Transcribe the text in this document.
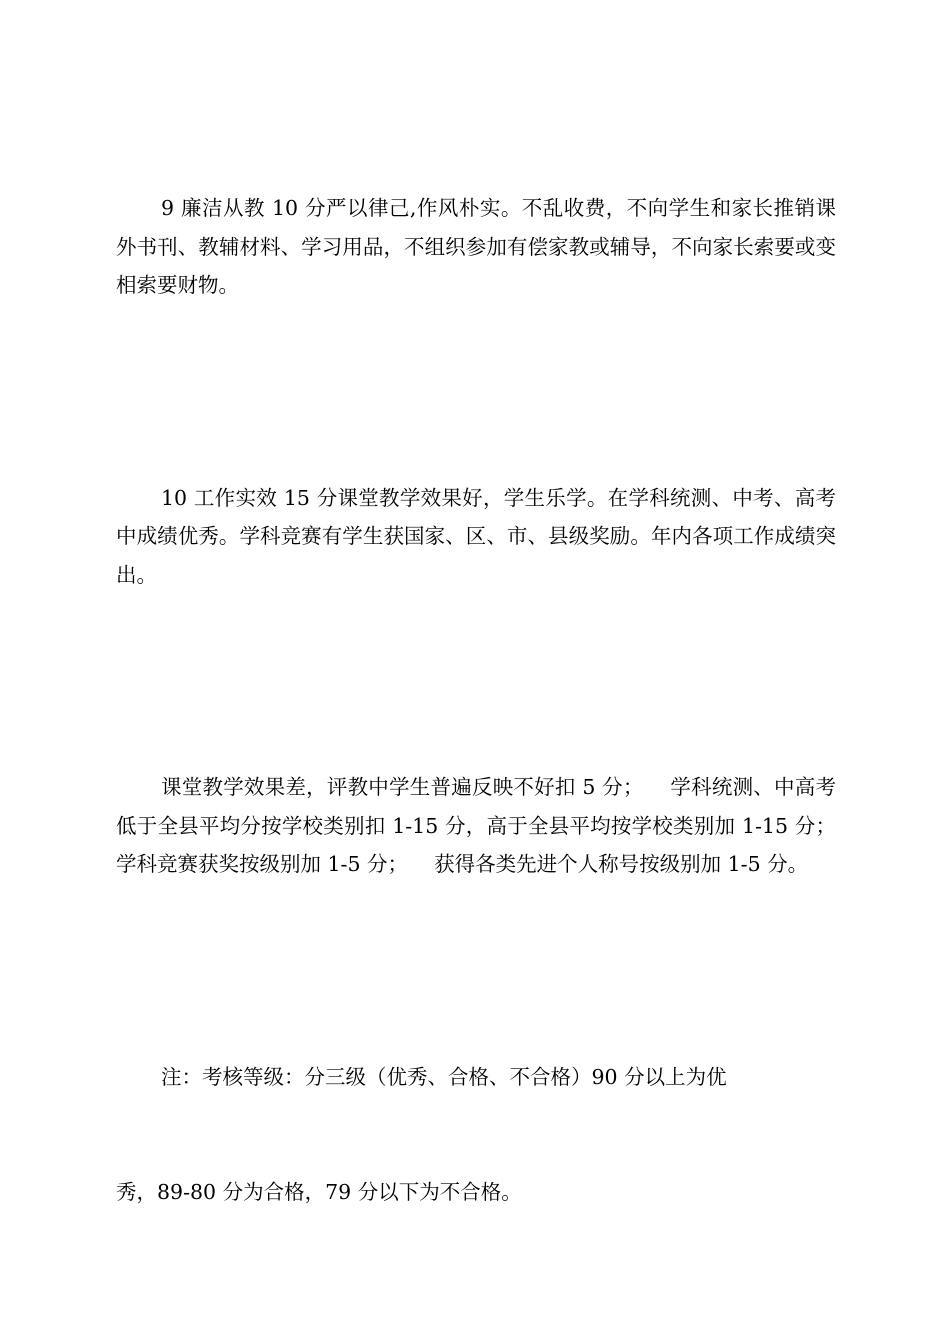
9 廉洁从教 10 分严以律己,作风朴实。不乱收费，不向学生和家长推销课外书刊、教辅材料、学习用品，不组织参加有偿家教或辅导，不向家长索要或变相索要财物。

10 工作实效 15 分课堂教学效果好，学生乐学。在学科统测、中考、高考中成绩优秀。学科竞赛有学生获国家、区、市、县级奖励。年内各项工作成绩突出。

课堂教学效果差，评教中学生普遍反映不好扣 5 分；    学科统测、中高考低于全县平均分按学校类别扣 1-15 分，高于全县平均按学校类别加 1-15 分；    学科竞赛获奖按级别加 1-5 分；    获得各类先进个人称号按级别加 1-5 分。

注：考核等级：分三级（优秀、合格、不合格）90 分以上为优

秀，89-80 分为合格，79 分以下为不合格。
